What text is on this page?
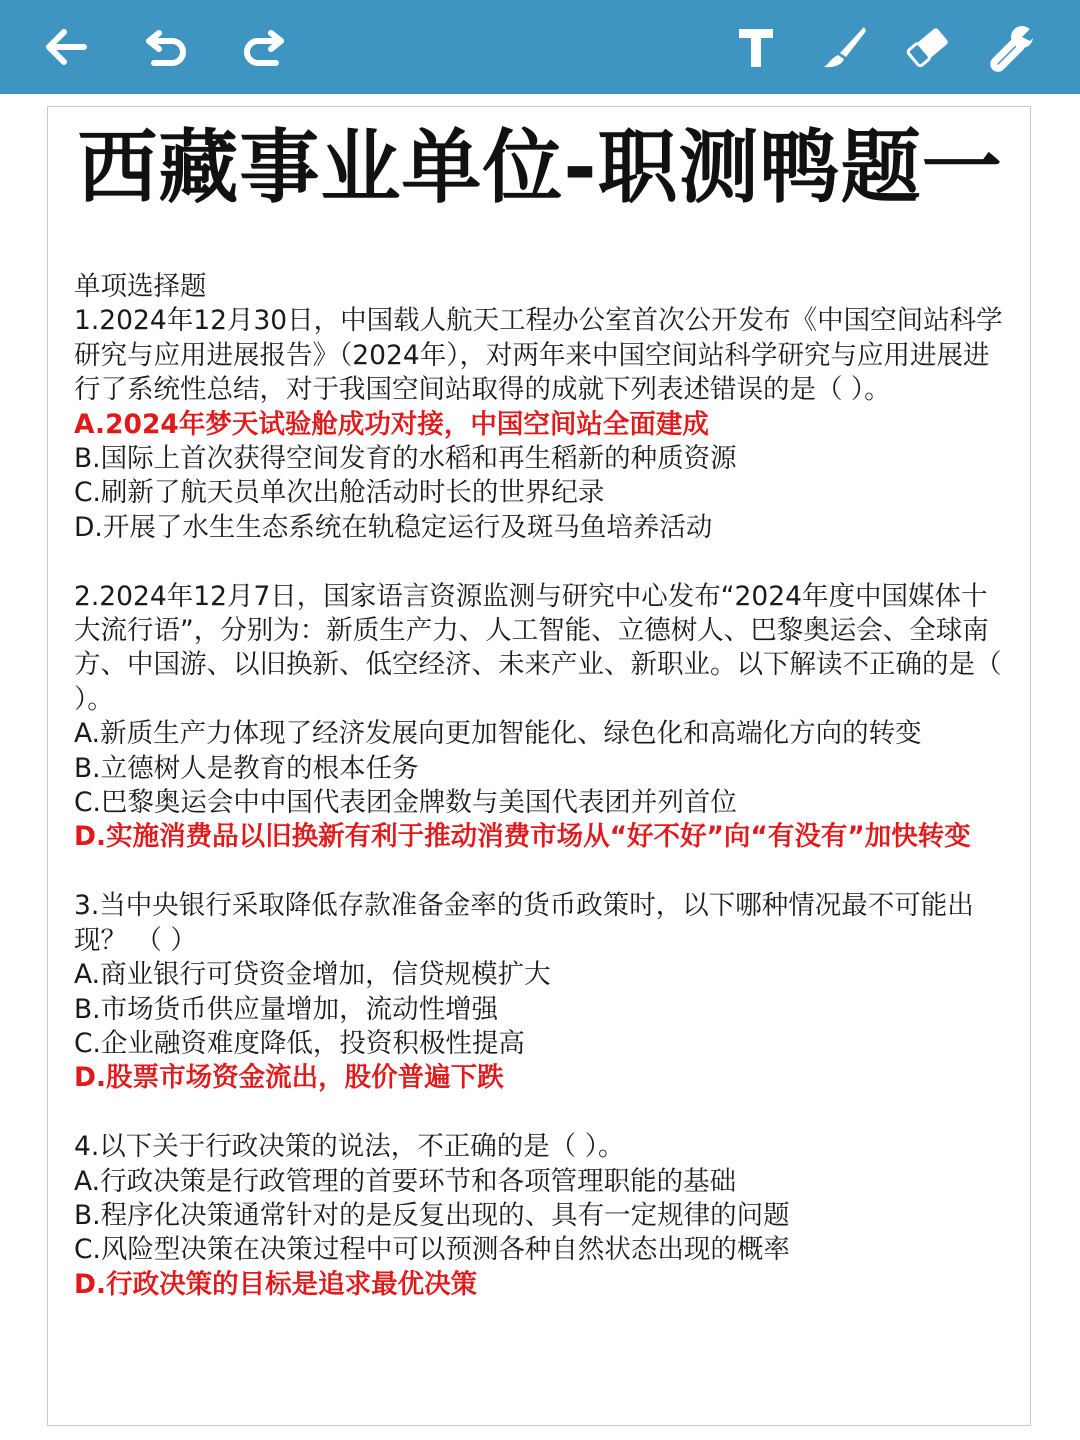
西藏事业单位-职测鸭题一

单项选择题

1.2024年12月30日，中国载人航天工程办公室首次公开发布《中国空间站科学研究与应用进展报告》（2024年），对两年来中国空间站科学研究与应用进展进行了系统性总结，对于我国空间站取得的成就下列表述错误的是（ ）。

A.2024年梦天试验舱成功对接，中国空间站全面建成

B.国际上首次获得空间发育的水稻和再生稻新的种质资源

C.刷新了航天员单次出舱活动时长的世界纪录

D.开展了水生生态系统在轨稳定运行及斑马鱼培养活动

2.2024年12月7日，国家语言资源监测与研究中心发布“2024年度中国媒体十大流行语”，分别为：新质生产力、人工智能、立德树人、巴黎奥运会、全球南方、中国游、以旧换新、低空经济、未来产业、新职业。以下解读不正确的是（ ）。

A.新质生产力体现了经济发展向更加智能化、绿色化和高端化方向的转变

B.立德树人是教育的根本任务

C.巴黎奥运会中中国代表团金牌数与美国代表团并列首位

D.实施消费品以旧换新有利于推动消费市场从“好不好”向“有没有”加快转变

3.当中央银行采取降低存款准备金率的货币政策时，以下哪种情况最不可能出现？ （ ）

A.商业银行可贷资金增加，信贷规模扩大

B.市场货币供应量增加，流动性增强

C.企业融资难度降低，投资积极性提高

D.股票市场资金流出，股价普遍下跌

4.以下关于行政决策的说法，不正确的是（ ）。

A.行政决策是行政管理的首要环节和各项管理职能的基础

B.程序化决策通常针对的是反复出现的、具有一定规律的问题

C.风险型决策在决策过程中可以预测各种自然状态出现的概率

D.行政决策的目标是追求最优决策
